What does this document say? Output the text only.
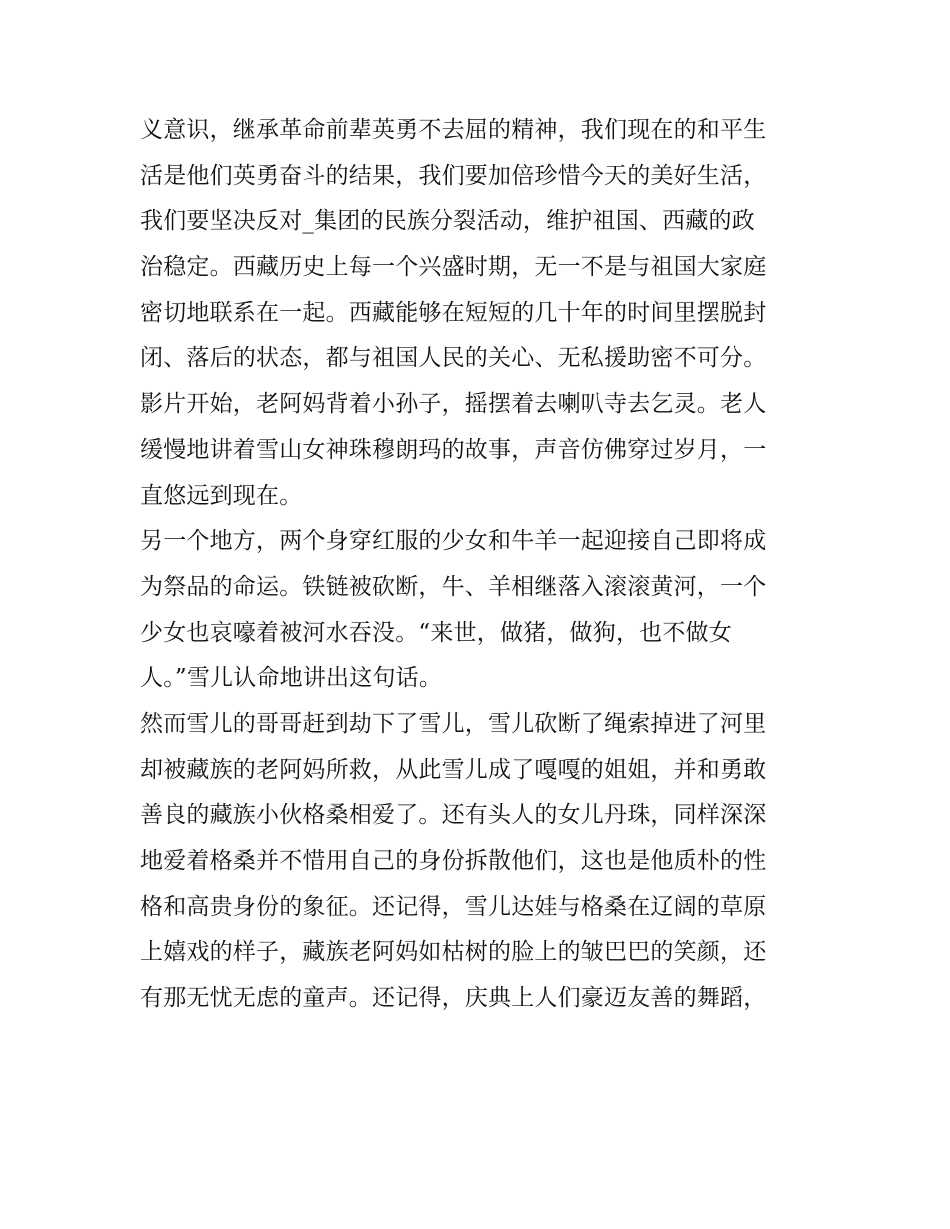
义意识，继承革命前辈英勇不去屈的精神，我们现在的和平生
活是他们英勇奋斗的结果，我们要加倍珍惜今天的美好生活，
我们要坚决反对_集团的民族分裂活动，维护祖国、西藏的政
治稳定。西藏历史上每一个兴盛时期，无一不是与祖国大家庭
密切地联系在一起。西藏能够在短短的几十年的时间里摆脱封
闭、落后的状态，都与祖国人民的关心、无私援助密不可分。
影片开始，老阿妈背着小孙子，摇摆着去喇叭寺去乞灵。老人
缓慢地讲着雪山女神珠穆朗玛的故事，声音仿佛穿过岁月，一
直悠远到现在。
另一个地方，两个身穿红服的少女和牛羊一起迎接自己即将成
为祭品的命运。铁链被砍断，牛、羊相继落入滚滚黄河，一个
少女也哀嚎着被河水吞没。“来世，做猪，做狗，也不做女
人。”雪儿认命地讲出这句话。
然而雪儿的哥哥赶到劫下了雪儿，雪儿砍断了绳索掉进了河里
却被藏族的老阿妈所救，从此雪儿成了嘎嘎的姐姐，并和勇敢
善良的藏族小伙格桑相爱了。还有头人的女儿丹珠，同样深深
地爱着格桑并不惜用自己的身份拆散他们，这也是他质朴的性
格和高贵身份的象征。还记得，雪儿达娃与格桑在辽阔的草原
上嬉戏的样子，藏族老阿妈如枯树的脸上的皱巴巴的笑颜，还
有那无忧无虑的童声。还记得，庆典上人们豪迈友善的舞蹈，
